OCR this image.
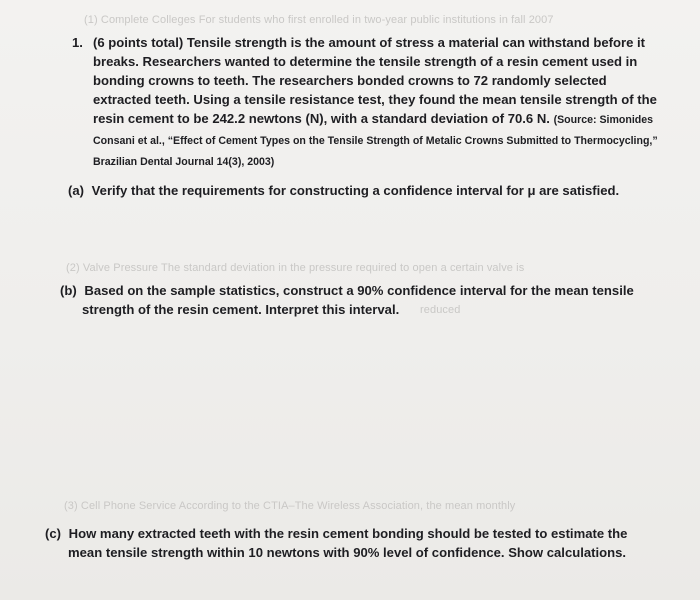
(1) Complete Colleges For students who first enrolled in two-year public institutions in fall 2007
(2) Valve Pressure The standard deviation in the pressure required to open a certain valve is
reduced
(3) Cell Phone Service According to the CTIA–The Wireless Association, the mean monthly
1. (6 points total) Tensile strength is the amount of stress a material can withstand before it breaks. Researchers wanted to determine the tensile strength of a resin cement used in bonding crowns to teeth. The researchers bonded crowns to 72 randomly selected extracted teeth. Using a tensile resistance test, they found the mean tensile strength of the resin cement to be 242.2 newtons (N), with a standard deviation of 70.6 N. (Source: Simonides Consani et al., “Effect of Cement Types on the Tensile Strength of Metalic Crowns Submitted to Thermocycling,” Brazilian Dental Journal 14(3), 2003)
(a) Verify that the requirements for constructing a confidence interval for μ are satisfied.
(b) Based on the sample statistics, construct a 90% confidence interval for the mean tensile
strength of the resin cement. Interpret this interval.
(c) How many extracted teeth with the resin cement bonding should be tested to estimate the
mean tensile strength within 10 newtons with 90% level of confidence. Show calculations.
